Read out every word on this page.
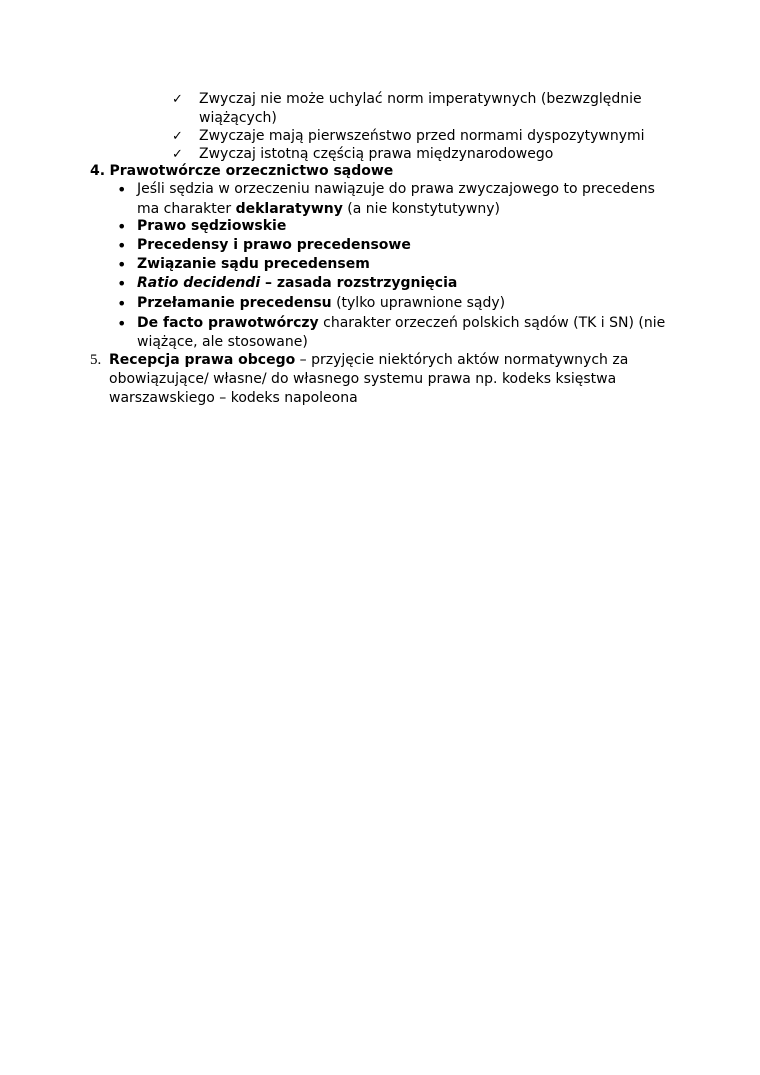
✓ Zwyczaj nie może uchylać norm imperatywnych (bezwzględnie
wiążących)
✓ Zwyczaje mają pierwszeństwo przed normami dyspozytywnymi
✓ Zwyczaj istotną częścią prawa międzynarodowego
4. Prawotwórcze orzecznictwo sądowe
• Jeśli sędzia w orzeczeniu nawiązuje do prawa zwyczajowego to precedens
ma charakter deklaratywny (a nie konstytutywny)
• Prawo sędziowskie
• Precedensy i prawo precedensowe
• Związanie sądu precedensem
• Ratio decidendi – zasada rozstrzygnięcia
• Przełamanie precedensu (tylko uprawnione sądy)
• De facto prawotwórczy charakter orzeczeń polskich sądów (TK i SN) (nie
wiążące, ale stosowane)
5. Recepcja prawa obcego – przyjęcie niektórych aktów normatywnych za
obowiązujące/ własne/ do własnego systemu prawa np. kodeks księstwa
warszawskiego – kodeks napoleona
